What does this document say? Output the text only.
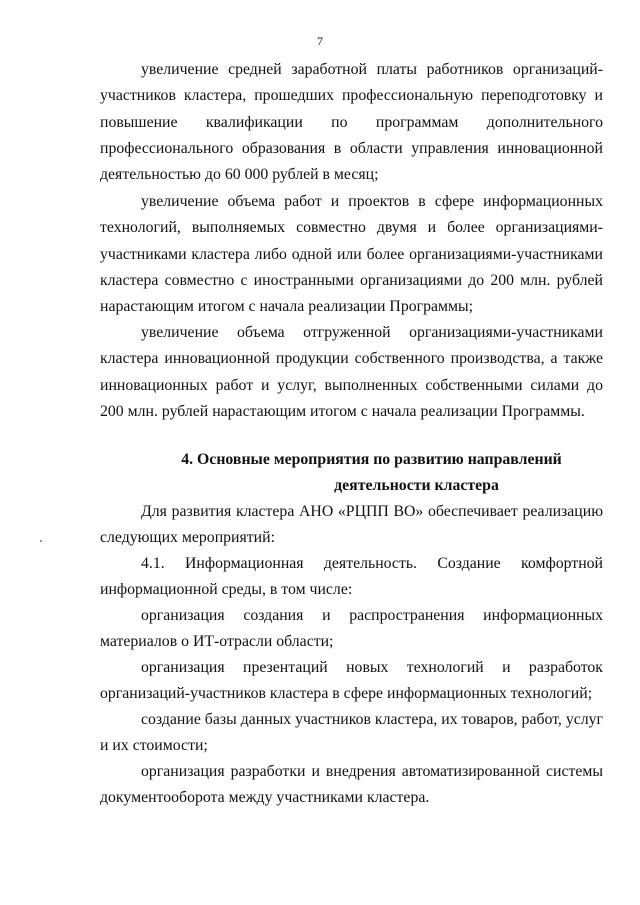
7

увеличение средней заработной платы работников организаций-участников кластера, прошедших профессиональную переподготовку и повышение квалификации по программам дополнительного профессионального образования в области управления инновационной деятельностью до 60 000 рублей в месяц;

увеличение объема работ и проектов в сфере информационных технологий, выполняемых совместно двумя и более организациями-участниками кластера либо одной или более организациями-участниками кластера совместно с иностранными организациями до 200 млн. рублей нарастающим итогом с начала реализации Программы;

увеличение объема отгруженной организациями-участниками кластера инновационной продукции собственного производства, а также инновационных работ и услуг, выполненных собственными силами до 200 млн. рублей нарастающим итогом с начала реализации Программы.

4. Основные мероприятия по развитию направлений
деятельности кластера

Для развития кластера АНО «РЦПП ВО» обеспечивает реализацию следующих мероприятий:

4.1. Информационная деятельность. Создание комфортной информационной среды, в том числе:

организация создания и распространения информационных материалов о ИТ-отрасли области;

организация презентаций новых технологий и разработок организаций-участников кластера в сфере информационных технологий;

создание базы данных участников кластера, их товаров, работ, услуг и их стоимости;

организация разработки и внедрения автоматизированной системы документооборота между участниками кластера.
